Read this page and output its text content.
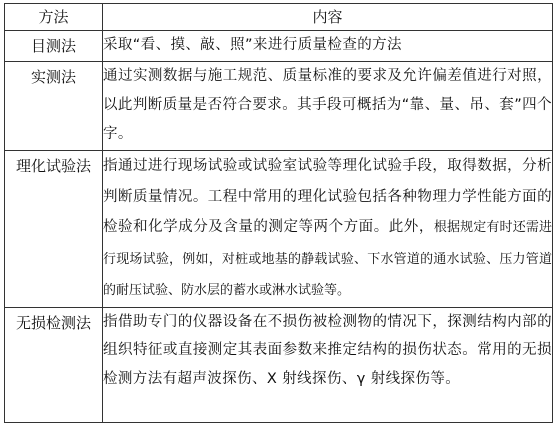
方法	内容
目测法	采取“看、摸、敲、照”来进行质量检查的方法
实测法	通过实测数据与施工规范、质量标准的要求及允许偏差值进行对照，以此判断质量是否符合要求。其手段可概括为“靠、量、吊、套”四个字。
理化试验法	指通过进行现场试验或试验室试验等理化试验手段，取得数据，分析判断质量情况。工程中常用的理化试验包括各种物理力学性能方面的检验和化学成分及含量的测定等两个方面。此外，根据规定有时还需进行现场试验，例如，对桩或地基的静载试验、下水管道的通水试验、压力管道的耐压试验、防水层的蓄水或淋水试验等。
无损检测法	指借助专门的仪器设备在不损伤被检测物的情况下，探测结构内部的组织特征或直接测定其表面参数来推定结构的损伤状态。常用的无损检测方法有超声波探伤、X 射线探伤、γ 射线探伤等。
